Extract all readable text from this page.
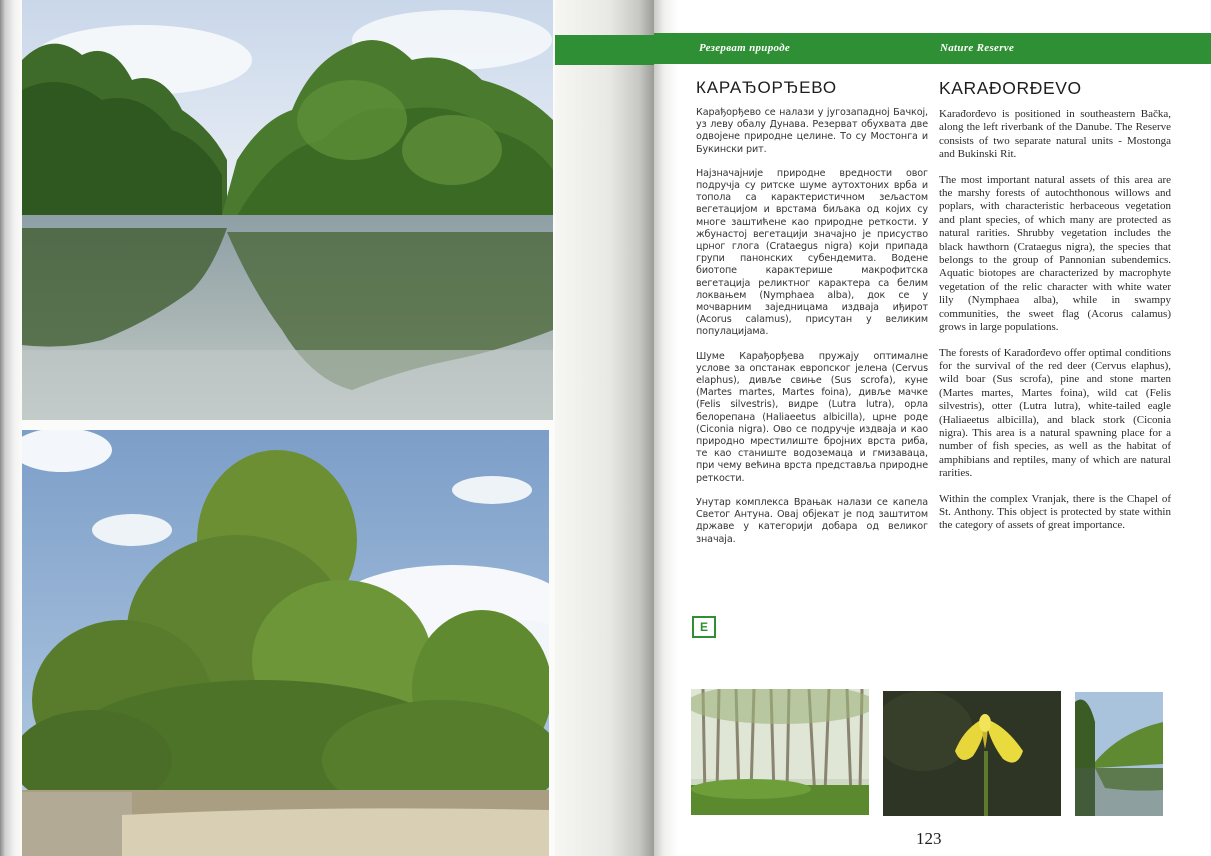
Резерват природе	Nature Reserve
КАРАЂОРЂЕВО

Карађорђево се налази у југозападној Бачкој, уз леву обалу Дунава. Резерват обухвата две одвојене природне целине. То су Мостонга и Букински рит.

Најзначајније природне вредности овог подручја су ритске шуме аутохтоних врба и топола са карактеристичном зељастом вегетацијом и врстама биљака од којих су многе заштићене као природне реткости. У жбунастој вегетацији значајно је присуство црног глога (Crataegus nigra) који припада групи панонских субендемита. Водене биотопе карактерише макрофитска вегетација реликтног карактера са белим локвањем (Nymphaea alba), док се у мочварним заједницама издваја иђирот (Acorus calamus), присутан у великим популацијама.

Шуме Карађорђева пружају оптималне услове за опстанак европског јелена (Cervus elaphus), дивље свиње (Sus scrofa), куне (Martes martes, Martes foina), дивље мачке (Felis silvestris), видре (Lutra lutra), орла белорепана (Haliaeetus albicilla), црне роде (Ciconia nigra). Ово се подручје издваја и као природно мрестилиште бројних врста риба, те као станиште водоземаца и гмизаваца, при чему већина врста представља природне реткости.

Унутар комплекса Врањак налази се капела Светог Антуна. Овај објекат је под заштитом државе у категорији добара од великог значаја.

KARAĐORĐEVO

Karađorđevo is positioned in southeastern Bačka, along the left riverbank of the Danube. The Reserve consists of two separate natural units - Mostonga and Bukinski Rit.

The most important natural assets of this area are the marshy forests of autochthonous willows and poplars, with characteristic herbaceous vegetation and plant species, of which many are protected as natural rarities. Shrubby vegetation includes the black hawthorn (Crataegus nigra), the species that belongs to the group of Pannonian subendemics. Aquatic biotopes are characterized by macrophyte vegetation of the relic character with white water lily (Nymphaea alba), while in swampy communities, the sweet flag (Acorus calamus) grows in large populations.

The forests of Karađorđevo offer optimal conditions for the survival of the red deer (Cervus elaphus), wild boar (Sus scrofa), pine and stone marten (Martes martes, Martes foina), wild cat (Felis silvestris), otter (Lutra lutra), white-tailed eagle (Haliaeetus albicilla), and black stork (Ciconia nigra). This area is a natural spawning place for a number of fish species, as well as the habitat of amphibians and reptiles, many of which are natural rarities.

Within the complex Vranjak, there is the Chapel of St. Anthony. This object is protected by state within the category of assets of great importance.

E
123
